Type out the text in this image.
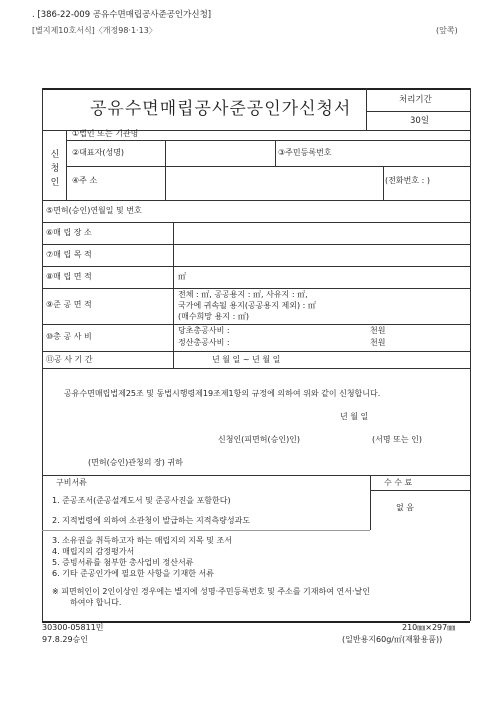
. [386-22-009 공유수면매립공사준공인가신청]
[별지제10호서식]〈개정98·1·13〉	(앞쪽)
공유수면매립공사준공인가신청서	처리기간
30일
신
청
인
①법인 또는 기관명
②대표자(성명)	③주민등록번호
④주 소	(전화번호 : )
⑤면허(승인)연월일 및 번호
⑥매 립 장 소
⑦매 립 목 적
⑧매 립 면 적	㎡
⑨준 공 면 적
전체 : ㎡, 공공용지 : ㎡, 사유지 : ㎡,
국가에 귀속될 용지(공공용지 제외) : ㎡
(매수희망 용지 : ㎡)
⑩총 공 사 비
당초총공사비 :	천원
정산총공사비 :	천원
⑪공 사 기 간	년 월 일 ~ 년 월 일
공유수면매립법제25조 및 동법시행령제19조제1항의 규정에 의하여 위와 같이 신청합니다.
년 월 일
신청인(피면허(승인)인)	(서명 또는 인)
(면허(승인)관청의 장) 귀하
구비서류	수 수 료
없 음
1. 준공조서(준공설계도서 및 준공사진을 포함한다)
2. 지적법령에 의하여 소관청이 발급하는 지적측량성과도
3. 소유권을 취득하고자 하는 매립지의 지목 및 조서
4. 매립지의 감정평가서
5. 증빙서류를 첨부한 총사업비 정산서류
6. 기타 준공인가에 필요한 사항을 기재한 서류
※ 피면허인이 2인이상인 경우에는 별지에 성명·주민등록번호 및 주소를 기재하여 연서·날인
하여야 합니다.
30300-05811민
97.8.29승인
210㎜×297㎜
(일반용지60g/㎡(재활용품))
